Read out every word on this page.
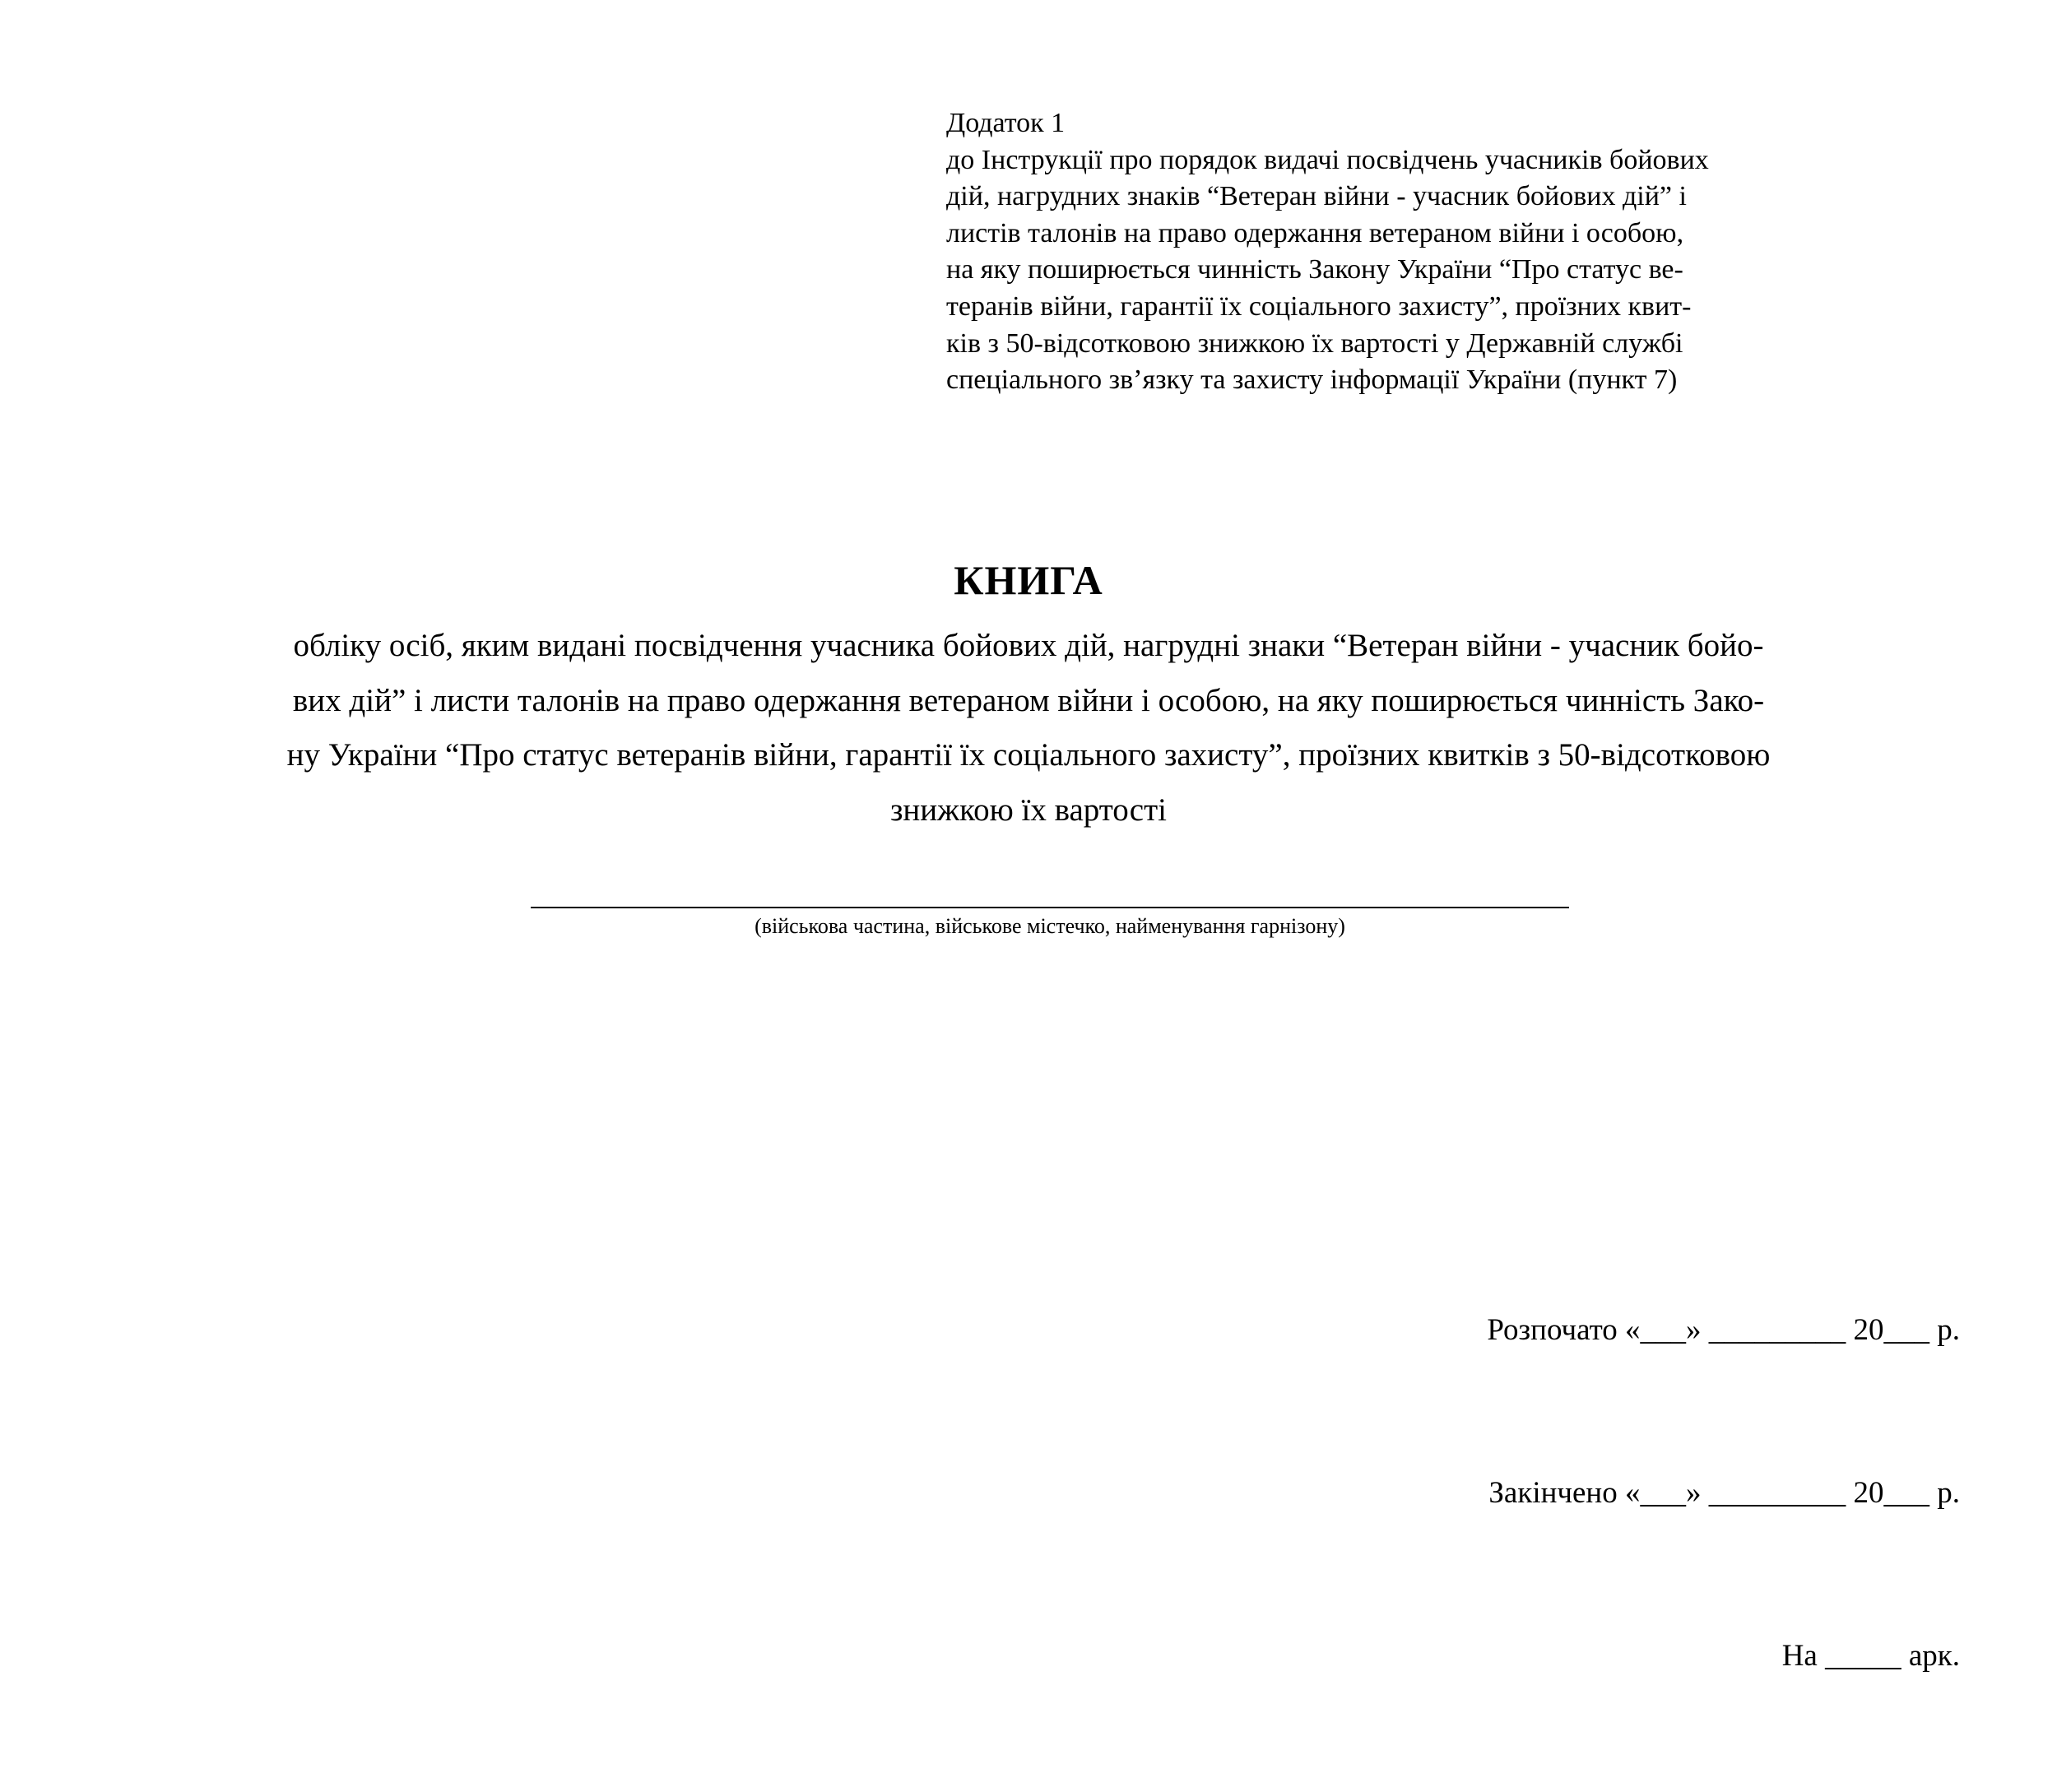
Додаток 1
до Інструкції про порядок видачі посвідчень учасників бойових
дій, нагрудних знаків “Ветеран війни - учасник бойових дій” і
листів талонів на право одержання ветераном війни і особою,
на яку поширюється чинність Закону України “Про статус ве-
теранів війни, гарантії їх соціального захисту”, проїзних квит-
ків з 50-відсотковою знижкою їх вартості у Державній службі
спеціального зв’язку та захисту інформації України (пункт 7)
КНИГА
обліку осіб, яким видані посвідчення учасника бойових дій, нагрудні знаки “Ветеран війни - учасник бойо-
вих дій” і листи талонів на право одержання ветераном війни і особою, на яку поширюється чинність Зако-
ну України “Про статус ветеранів війни, гарантії їх соціального захисту”, проїзних квитків з 50-відсотковою
знижкою їх вартості
(військова частина, військове містечко, найменування гарнізону)

Розпочато «___» _________ 20___ р.

Закінчено «___» _________ 20___ р.

На _____ арк.
